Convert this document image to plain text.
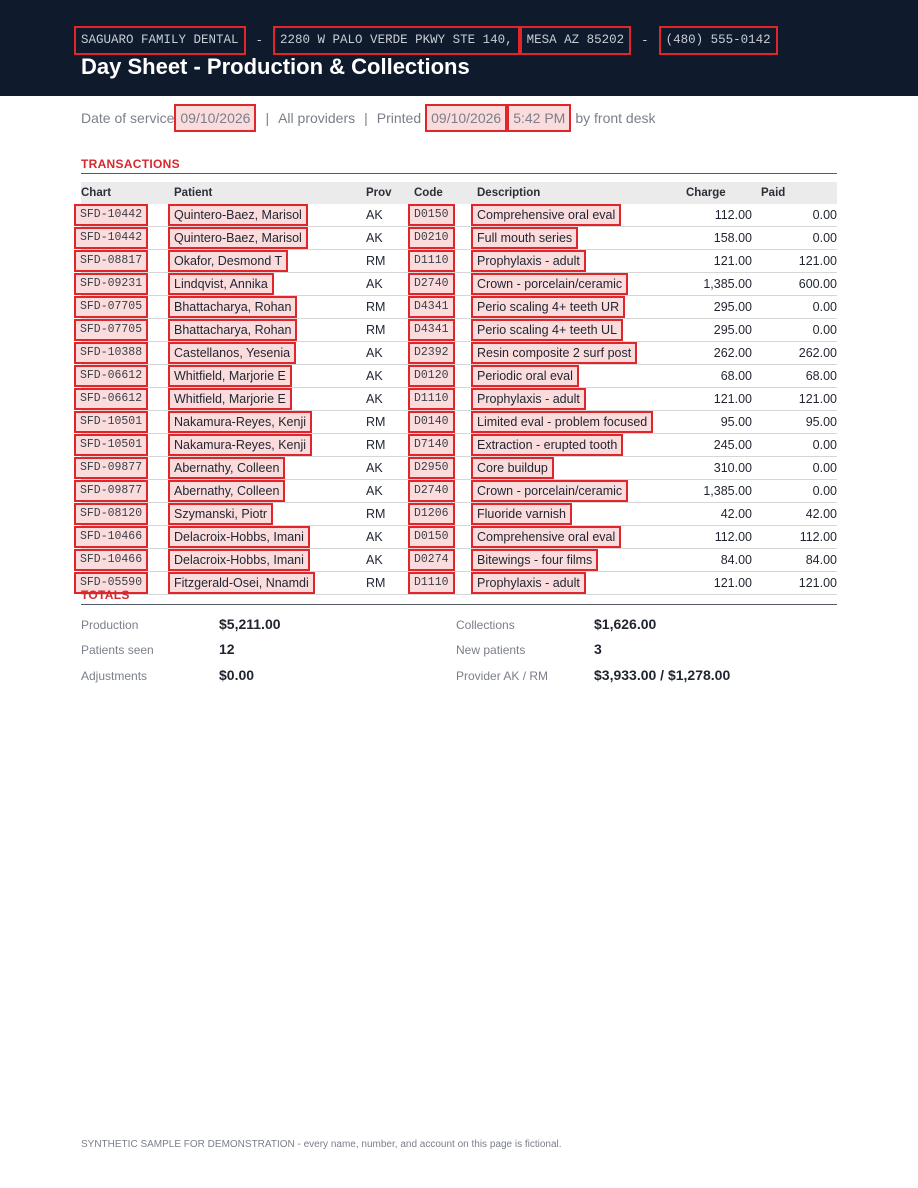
SAGUARO FAMILY DENTAL	-	2280 W PALO VERDE PKWY STE 140,	MESA AZ 85202	-	(480) 555-0142
Day Sheet - Production & Collections
Date of service 09/10/2026	| All providers | Printed 09/10/2026 5:42 PM by front desk
TRANSACTIONS
Chart	Patient	Prov	Code	Description	Charge	Paid
SFD-10442	Quintero-Baez, Marisol	AK	D0150	Comprehensive oral eval	112.00	0.00
SFD-10442	Quintero-Baez, Marisol	AK	D0210	Full mouth series	158.00	0.00
SFD-08817	Okafor, Desmond T	RM	D1110	Prophylaxis - adult	121.00	121.00
SFD-09231	Lindqvist, Annika	AK	D2740	Crown - porcelain/ceramic	1,385.00	600.00
SFD-07705	Bhattacharya, Rohan	RM	D4341	Perio scaling 4+ teeth UR	295.00	0.00
SFD-07705	Bhattacharya, Rohan	RM	D4341	Perio scaling 4+ teeth UL	295.00	0.00
SFD-10388	Castellanos, Yesenia	AK	D2392	Resin composite 2 surf post	262.00	262.00
SFD-06612	Whitfield, Marjorie E	AK	D0120	Periodic oral eval	68.00	68.00
SFD-06612	Whitfield, Marjorie E	AK	D1110	Prophylaxis - adult	121.00	121.00
SFD-10501	Nakamura-Reyes, Kenji	RM	D0140	Limited eval - problem focused	95.00	95.00
SFD-10501	Nakamura-Reyes, Kenji	RM	D7140	Extraction - erupted tooth	245.00	0.00
SFD-09877	Abernathy, Colleen	AK	D2950	Core buildup	310.00	0.00
SFD-09877	Abernathy, Colleen	AK	D2740	Crown - porcelain/ceramic	1,385.00	0.00
SFD-08120	Szymanski, Piotr	RM	D1206	Fluoride varnish	42.00	42.00
SFD-10466	Delacroix-Hobbs, Imani	AK	D0150	Comprehensive oral eval	112.00	112.00
SFD-10466	Delacroix-Hobbs, Imani	AK	D0274	Bitewings - four films	84.00	84.00
SFD-05590	Fitzgerald-Osei, Nnamdi	RM	D1110	Prophylaxis - adult	121.00	121.00
TOTALS
Production	$5,211.00	Collections	$1,626.00
Patients seen	12	New patients	3
Adjustments	$0.00	Provider AK / RM	$3,933.00 / $1,278.00
SYNTHETIC SAMPLE FOR DEMONSTRATION - every name, number, and account on this page is fictional.
